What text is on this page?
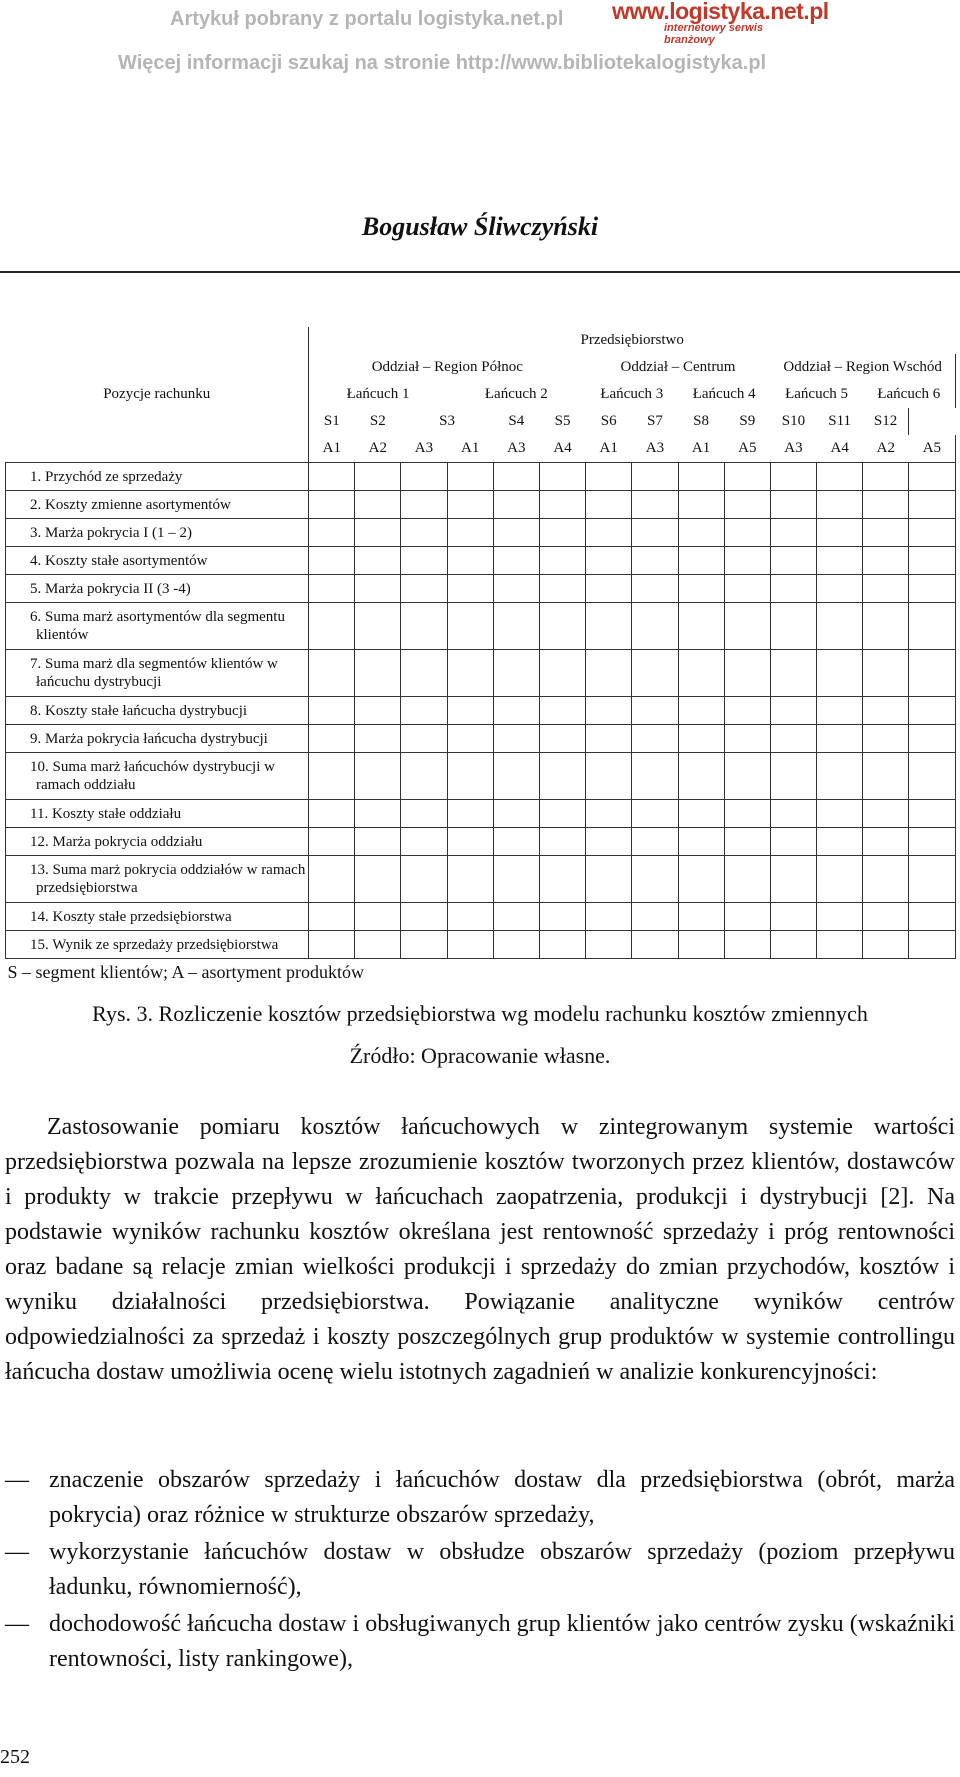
Artykuł pobrany z portalu logistyka.net.pl
Więcej informacji szukaj na stronie http://www.bibliotekalogistyka.pl
www.logistyka.net.pl
internetowy serwis branżowy
Bogusław Śliwczyński
	Przedsiębiorstwo													
	Oddział – Region Północ						Oddział – Centrum				Oddział – Region Wschód			
Pozycje rachunku	Łańcuch 1			Łańcuch 2			Łańcuch 3		Łańcuch 4		Łańcuch 5		Łańcuch 6	
	S1	S2	S3		S4	S5	S6	S7	S8	S9	S10	S11	S12	
	A1	A2	A3	A1	A3	A4	A1	A3	A1	A5	A3	A4	A2	A5
1. Przychód ze sprzedaży														
2. Koszty zmienne asortymentów														
3. Marża pokrycia I (1 – 2)														
4. Koszty stałe asortymentów														
5. Marża pokrycia II (3 -4)														
6. Suma marż asortymentów dla segmentu klientów														
7. Suma marż dla segmentów klientów w łańcuchu dystrybucji														
8. Koszty stałe łańcucha dystrybucji														
9. Marża pokrycia łańcucha dystrybucji														
10. Suma marż łańcuchów dystrybucji w ramach oddziału														
11. Koszty stałe oddziału														
12. Marża pokrycia oddziału														
13. Suma marż pokrycia oddziałów w ramach przedsiębiorstwa														
14. Koszty stałe przedsiębiorstwa														
15. Wynik ze sprzedaży przedsiębiorstwa														
S – segment klientów; A – asortyment produktów														
Rys. 3. Rozliczenie kosztów przedsiębiorstwa wg modelu rachunku kosztów zmiennych
Źródło: Opracowanie własne.
Zastosowanie pomiaru kosztów łańcuchowych w zintegrowanym systemie wartości przedsiębiorstwa pozwala na lepsze zrozumienie kosztów tworzonych przez klientów, dostawców i produkty w trakcie przepływu w łańcuchach zaopatrzenia, produkcji i dystrybucji [2]. Na podstawie wyników rachunku kosztów określana jest rentowność sprzedaży i próg rentowności oraz badane są relacje zmian wielkości produkcji i sprzedaży do zmian przychodów, kosztów i wyniku działalności przedsiębiorstwa. Powiązanie analityczne wyników centrów odpowiedzialności za sprzedaż i koszty poszczególnych grup produktów w systemie controllingu łańcucha dostaw umożliwia ocenę wielu istotnych zagadnień w analizie konkurencyjności:
— znaczenie obszarów sprzedaży i łańcuchów dostaw dla przedsiębiorstwa (obrót, marża pokrycia) oraz różnice w strukturze obszarów sprzedaży,
— wykorzystanie łańcuchów dostaw w obsłudze obszarów sprzedaży (poziom przepływu ładunku, równomierność),
— dochodowość łańcucha dostaw i obsługiwanych grup klientów jako centrów zysku (wskaźniki rentowności, listy rankingowe),
252
